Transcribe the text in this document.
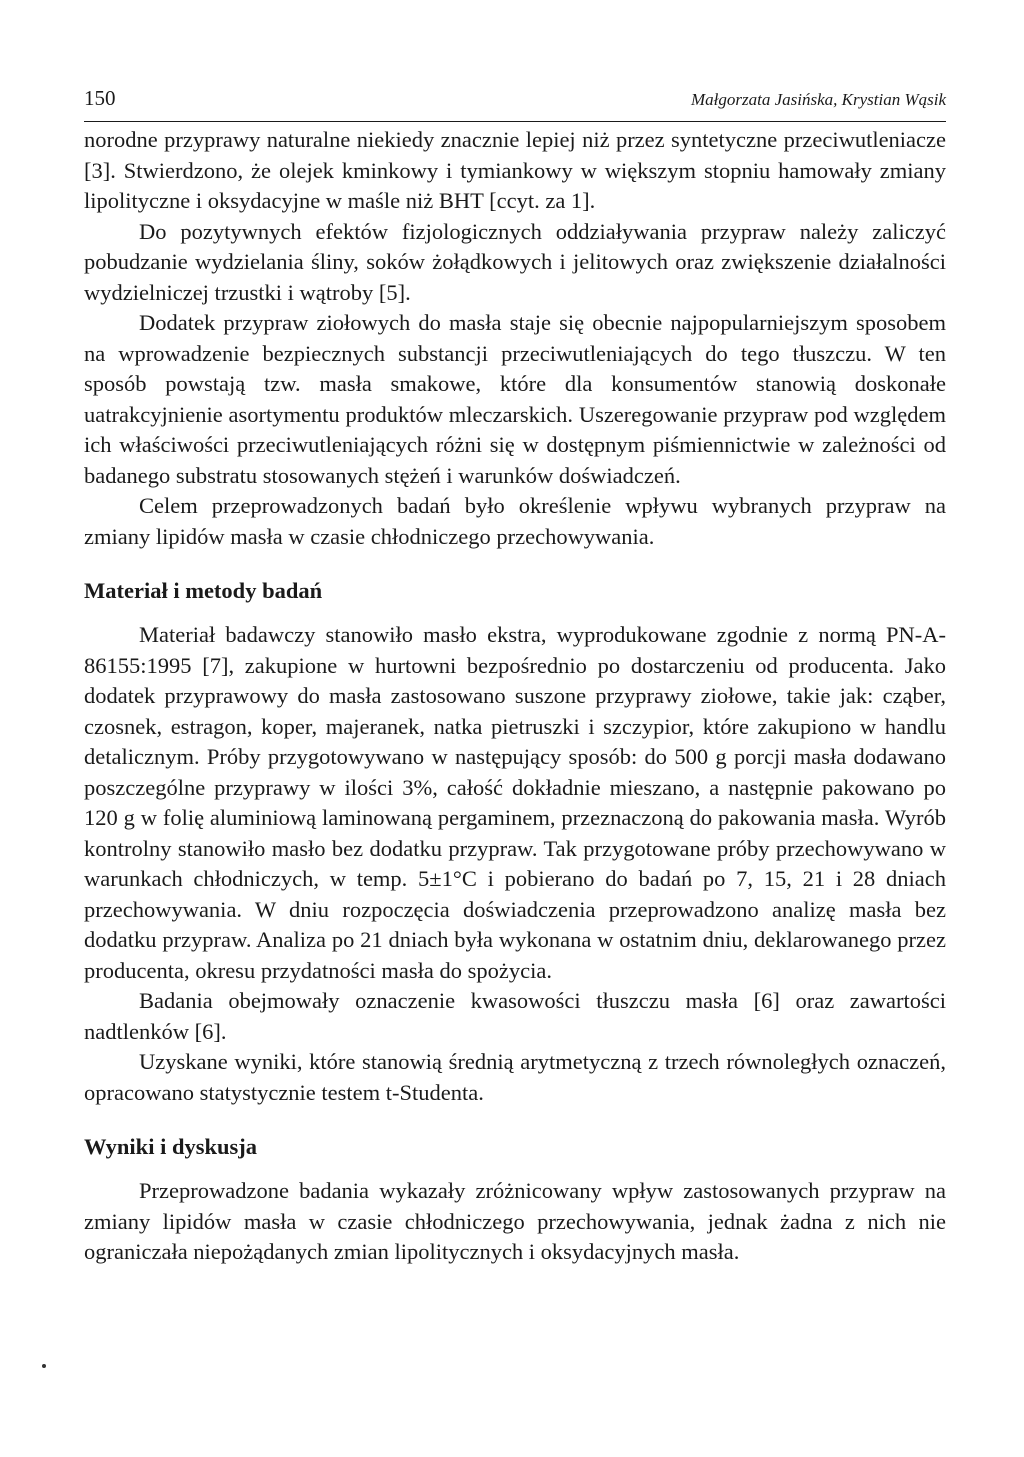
150	Małgorzata Jasińska, Krystian Wąsik

norodne przyprawy naturalne niekiedy znacznie lepiej niż przez syntetyczne przeciwutleniacze [3]. Stwierdzono, że olejek kminkowy i tymiankowy w większym stopniu hamowały zmiany lipolityczne i oksydacyjne w maśle niż BHT [ccyt. za 1].

Do pozytywnych efektów fizjologicznych oddziaływania przypraw należy zaliczyć pobudzanie wydzielania śliny, soków żołądkowych i jelitowych oraz zwiększenie działalności wydzielniczej trzustki i wątroby [5].

Dodatek przypraw ziołowych do masła staje się obecnie najpopularniejszym sposobem na wprowadzenie bezpiecznych substancji przeciwutleniających do tego tłuszczu. W ten sposób powstają tzw. masła smakowe, które dla konsumentów stanowią doskonałe uatrakcyjnienie asortymentu produktów mleczarskich. Uszeregowanie przypraw pod względem ich właściwości przeciwutleniających różni się w dostępnym piśmiennictwie w zależności od badanego substratu stosowanych stężeń i warunków doświadczeń.

Celem przeprowadzonych badań było określenie wpływu wybranych przypraw na zmiany lipidów masła w czasie chłodniczego przechowywania.

Materiał i metody badań

Materiał badawczy stanowiło masło ekstra, wyprodukowane zgodnie z normą PN-A-86155:1995 [7], zakupione w hurtowni bezpośrednio po dostarczeniu od producenta. Jako dodatek przyprawowy do masła zastosowano suszone przyprawy ziołowe, takie jak: cząber, czosnek, estragon, koper, majeranek, natka pietruszki i szczypior, które zakupiono w handlu detalicznym. Próby przygotowywano w następujący sposób: do 500 g porcji masła dodawano poszczególne przyprawy w ilości 3%, całość dokładnie mieszano, a następnie pakowano po 120 g w folię aluminiową laminowaną pergaminem, przeznaczoną do pakowania masła. Wyrób kontrolny stanowiło masło bez dodatku przypraw. Tak przygotowane próby przechowywano w warunkach chłodniczych, w temp. 5±1°C i pobierano do badań po 7, 15, 21 i 28 dniach przechowywania. W dniu rozpoczęcia doświadczenia przeprowadzono analizę masła bez dodatku przypraw. Analiza po 21 dniach była wykonana w ostatnim dniu, deklarowanego przez producenta, okresu przydatności masła do spożycia.

Badania obejmowały oznaczenie kwasowości tłuszczu masła [6] oraz zawartości nadtlenków [6].

Uzyskane wyniki, które stanowią średnią arytmetyczną z trzech równoległych oznaczeń, opracowano statystycznie testem t-Studenta.

Wyniki i dyskusja

Przeprowadzone badania wykazały zróżnicowany wpływ zastosowanych przypraw na zmiany lipidów masła w czasie chłodniczego przechowywania, jednak żadna z nich nie ograniczała niepożądanych zmian lipolitycznych i oksydacyjnych masła.
